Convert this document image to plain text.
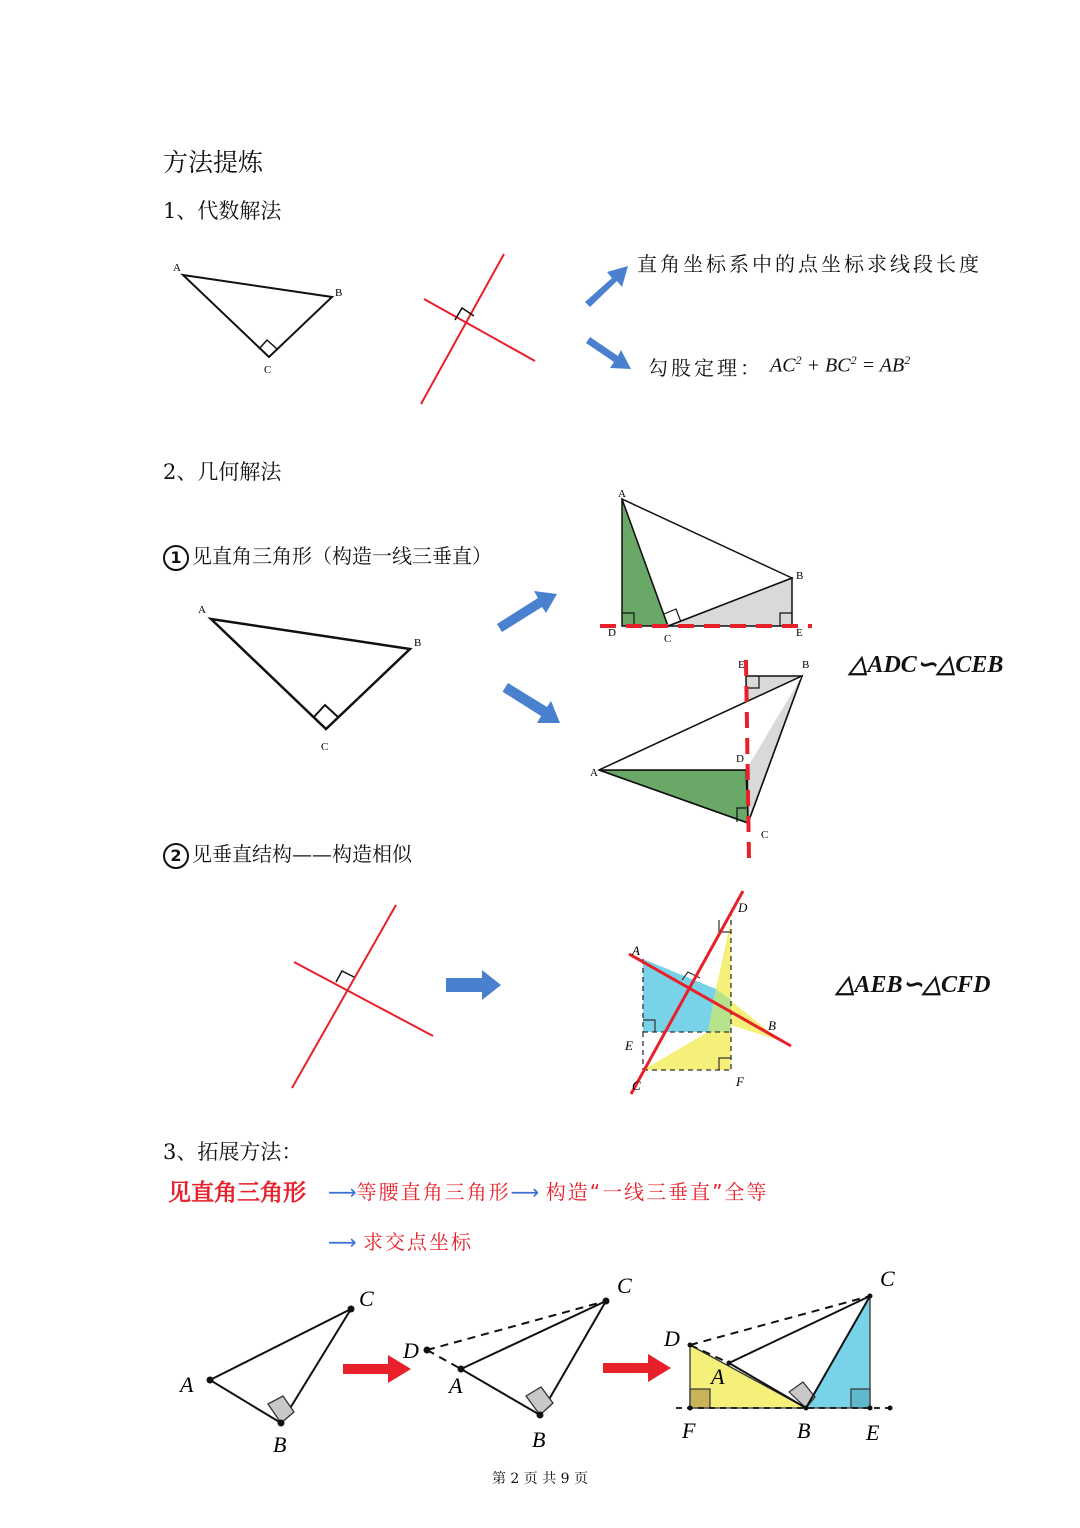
方法提炼
1、代数解法
直角坐标系中的点坐标求线段长度
勾股定理： $AC^2 + BC^2 = AB^2$
2、几何解法
1 见直角三角形（构造一线三垂直）
△ADC∽△CEB
2 见垂直结构——构造相似
△AEB∽△CFD
3、拓展方法：
见直角三角形 ⟶等腰直角三角形⟶ 构造“一线三垂直”全等
⟶ 求交点坐标
第 2 页 共 9 页
A
B
C
A
B
C
A
B
C
D	E
A
B
C
D
E
A
B
C
D
E
F
A
C
B
D
A
C
B
D
A
C
B
F	E
